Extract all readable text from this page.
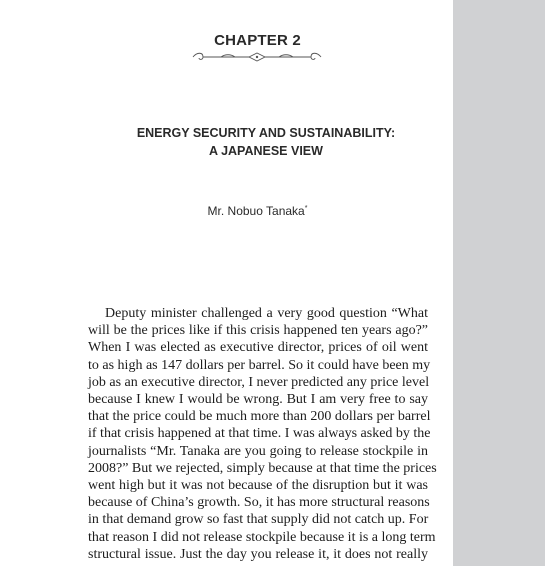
CHAPTER 2
ENERGY SECURITY AND SUSTAINABILITY:
A JAPANESE VIEW
Mr. Nobuo Tanaka*
Deputy minister challenged a very good question “What
will be the prices like if this crisis happened ten years ago?”
When I was elected as executive director, prices of oil went
to as high as 147 dollars per barrel. So it could have been my
job as an executive director, I never predicted any price level
because I knew I would be wrong. But I am very free to say
that the price could be much more than 200 dollars per barrel
if that crisis happened at that time. I was always asked by the
journalists “Mr. Tanaka are you going to release stockpile in
2008?” But we rejected, simply because at that time the prices
went high but it was not because of the disruption but it was
because of China’s growth. So, it has more structural reasons
in that demand grow so fast that supply did not catch up. For
that reason I did not release stockpile because it is a long term
structural issue. Just the day you release it, it does not really
